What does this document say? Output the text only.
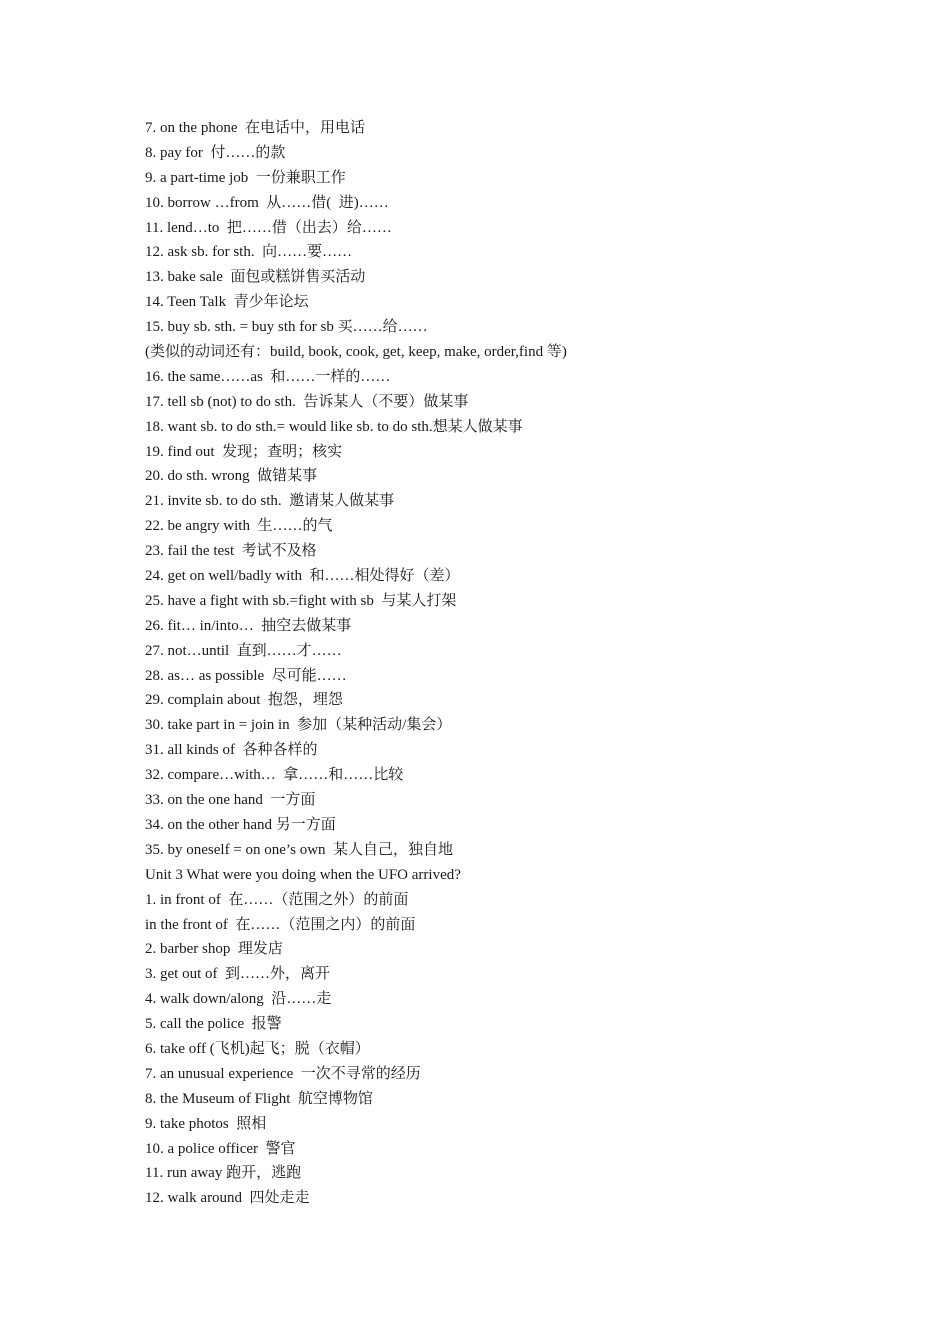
7. on the phone  在电话中，用电话
8. pay for  付……的款
9. a part-time job  一份兼职工作
10. borrow …from  从……借(  进)……
11. lend…to  把……借（出去）给……
12. ask sb. for sth.  向……要……
13. bake sale  面包或糕饼售买活动
14. Teen Talk  青少年论坛
15. buy sb. sth. = buy sth for sb 买……给……
(类似的动词还有：build, book, cook, get, keep, make, order,find 等)
16. the same……as  和……一样的……
17. tell sb (not) to do sth.  告诉某人（不要）做某事
18. want sb. to do sth.= would like sb. to do sth.想某人做某事
19. find out  发现；查明；核实
20. do sth. wrong  做错某事
21. invite sb. to do sth.  邀请某人做某事
22. be angry with  生……的气
23. fail the test  考试不及格
24. get on well/badly with  和……相处得好（差）
25. have a fight with sb.=fight with sb  与某人打架
26. fit… in/into…  抽空去做某事
27. not…until  直到……才……
28. as… as possible  尽可能……
29. complain about  抱怨，埋怨
30. take part in = join in  参加（某种活动/集会）
31. all kinds of  各种各样的
32. compare…with…  拿……和……比较
33. on the one hand  一方面
34. on the other hand 另一方面
35. by oneself = on one’s own  某人自己，独自地
Unit 3 What were you doing when the UFO arrived?
1. in front of  在……（范围之外）的前面
in the front of  在……（范围之内）的前面
2. barber shop  理发店
3. get out of  到……外，离开
4. walk down/along  沿……走
5. call the police  报警
6. take off (飞机)起飞；脱（衣帽）
7. an unusual experience  一次不寻常的经历
8. the Museum of Flight  航空博物馆
9. take photos  照相
10. a police officer  警官
11. run away 跑开，逃跑
12. walk around  四处走走
